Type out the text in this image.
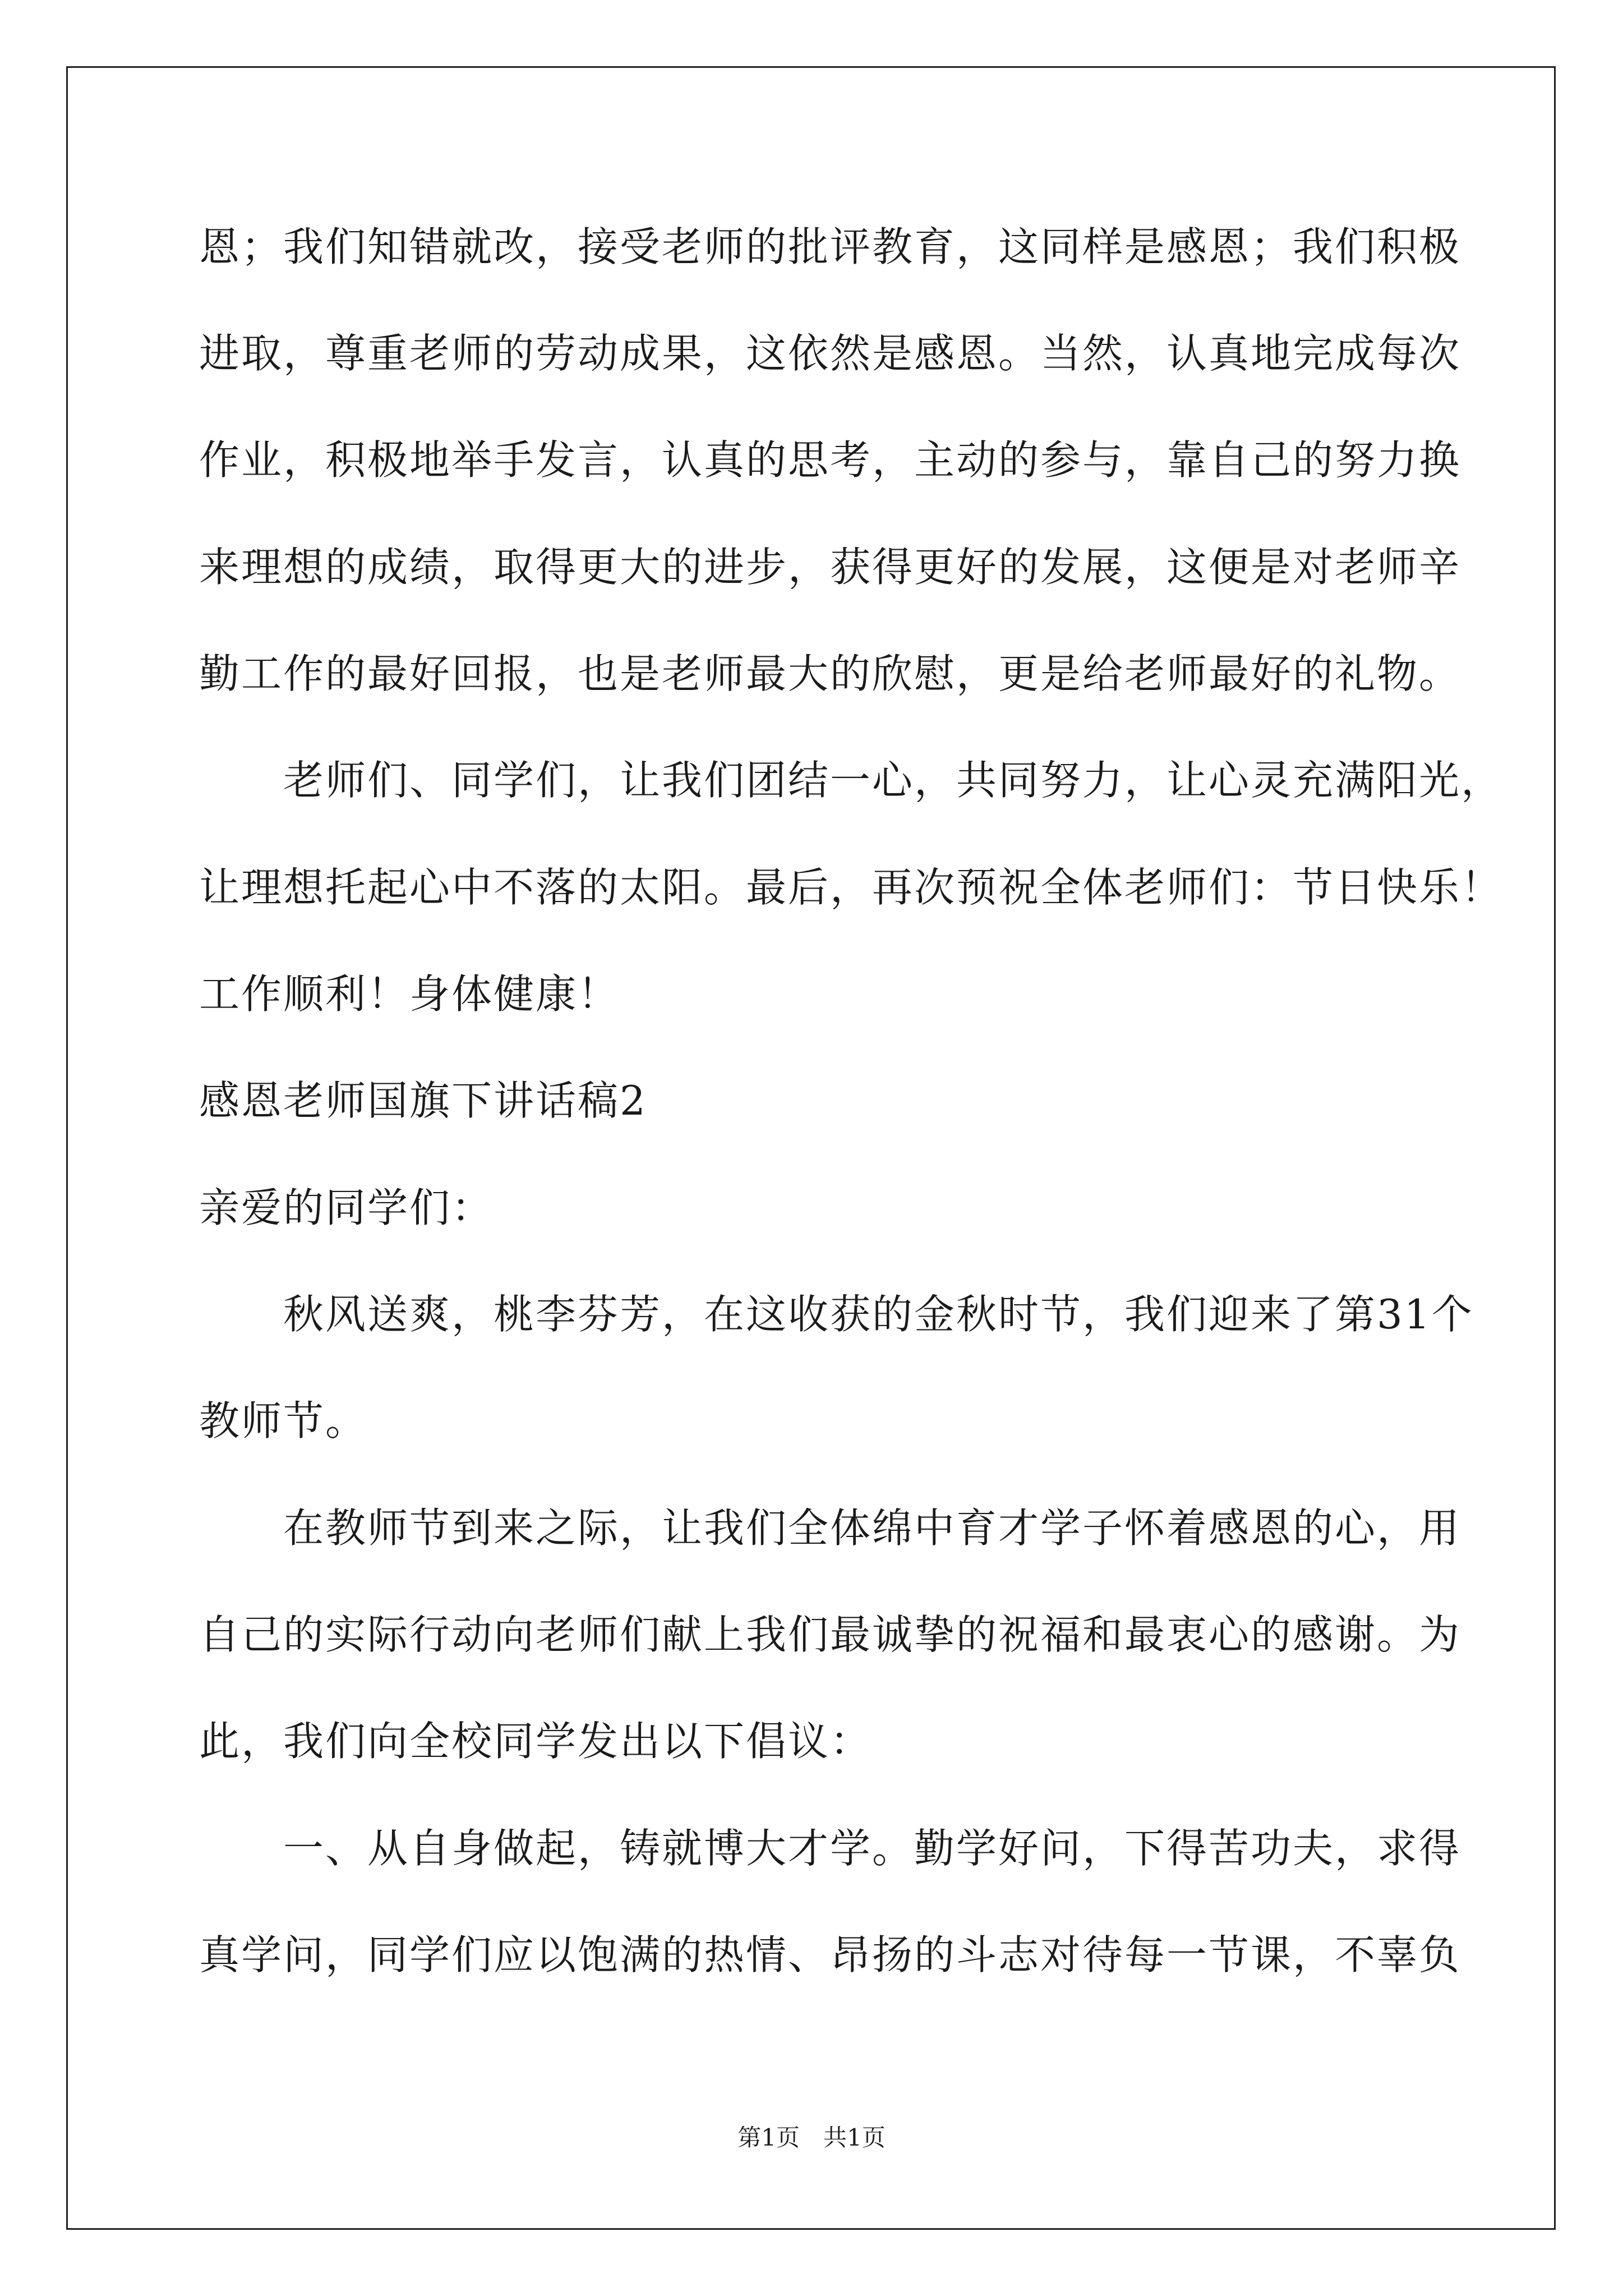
恩；我们知错就改，接受老师的批评教育，这同样是感恩；我们积极
进取，尊重老师的劳动成果，这依然是感恩。当然，认真地完成每次
作业，积极地举手发言，认真的思考，主动的参与，靠自己的努力换
来理想的成绩，取得更大的进步，获得更好的发展，这便是对老师辛
勤工作的最好回报，也是老师最大的欣慰，更是给老师最好的礼物。
　　老师们、同学们，让我们团结一心，共同努力，让心灵充满阳光，
让理想托起心中不落的太阳。最后，再次预祝全体老师们：节日快乐！
工作顺利！身体健康！
感恩老师国旗下讲话稿2
亲爱的同学们：
　　秋风送爽，桃李芬芳，在这收获的金秋时节，我们迎来了第31个
教师节。
　　在教师节到来之际，让我们全体绵中育才学子怀着感恩的心，用
自己的实际行动向老师们献上我们最诚挚的祝福和最衷心的感谢。为
此，我们向全校同学发出以下倡议：
　　一、从自身做起，铸就博大才学。勤学好问，下得苦功夫，求得
真学问，同学们应以饱满的热情、昂扬的斗志对待每一节课，不辜负
第1页　共1页
